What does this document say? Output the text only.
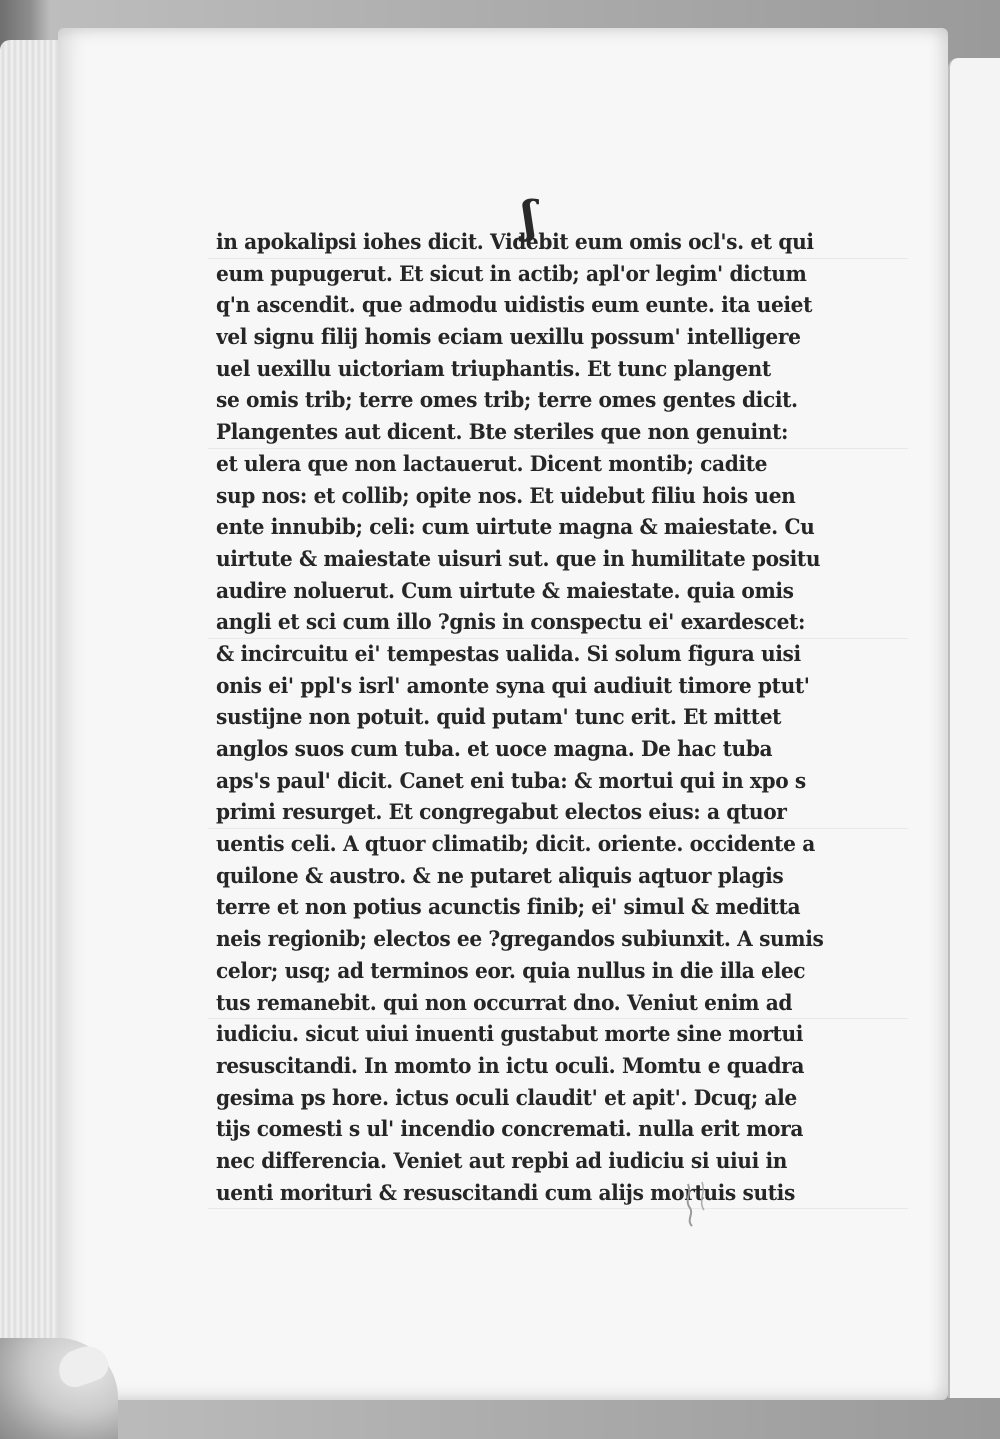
ʃ
in apokalipsi iohes dicit. Videbit eum omis ocl's. et qui
eum pupugerut. Et sicut in actib; apl'or legim' dictum
q'n ascendit. que admodu uidistis eum eunte. ita ueiet
vel signu filij homis eciam uexillu possum' intelligere
uel uexillu uictoriam triuphantis. Et tunc plangent
se omis trib; terre omes trib; terre omes gentes dicit.
Plangentes aut dicent. Bte steriles que non genuint:
et ulera que non lactauerut. Dicent montib; cadite
sup nos: et collib; opite nos. Et uidebut filiu hois uen
ente innubib; celi: cum uirtute magna & maiestate. Cu
uirtute & maiestate uisuri sut. que in humilitate positu
audire noluerut. Cum uirtute & maiestate. quia omis
angli et sci cum illo ?gnis in conspectu ei' exardescet:
& incircuitu ei' tempestas ualida. Si solum figura uisi
onis ei' ppl's isrl' amonte syna qui audiuit timore ptut'
sustijne non potuit. quid putam' tunc erit. Et mittet
anglos suos cum tuba. et uoce magna. De hac tuba
aps's paul' dicit. Canet eni tuba: & mortui qui in xpo s
primi resurget. Et congregabut electos eius: a qtuor
uentis celi. A qtuor climatib; dicit. oriente. occidente a
quilone & austro. & ne putaret aliquis aqtuor plagis
terre et non potius acunctis finib; ei' simul & meditta
neis regionib; electos ee ?gregandos subiunxit. A sumis
celor; usq; ad terminos eor. quia nullus in die illa elec
tus remanebit. qui non occurrat dno. Veniut enim ad
iudiciu. sicut uiui inuenti gustabut morte sine mortui
resuscitandi. In momto in ictu oculi. Momtu e quadra
gesima ps hore. ictus oculi claudit' et apit'. Dcuq; ale
tijs comesti s ul' incendio concremati. nulla erit mora
nec differencia. Veniet aut repbi ad iudiciu si uiui in
uenti morituri & resuscitandi cum alijs mortuis sutis
